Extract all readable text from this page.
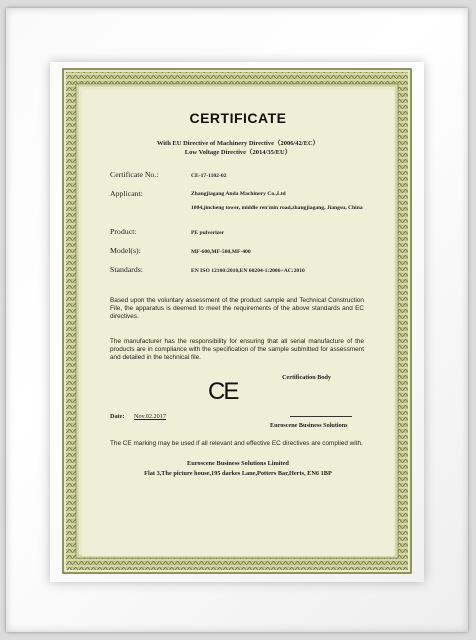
CERTIFICATE
With EU Directive of Machinery Directive（2006/42/EC）
Low Voltage Directive（2014/35/EU）
Certificate No.:	CE-17-1102-02
Applicant:	Zhangjiagang Anda Machinery Co.,Ltd
1004,jincheng tower, middle ren'min road,zhangjiagang, Jiangsu, China
Product:	PE pulverizer
Model(s):	MF-600,MF-500,MF-400
Standards:	EN ISO 12100:2010,EN 60204-1:2006+AC:2010
Based upon the voluntary assessment of the product sample and Technical Construction File, the apparatus is deemed to meet the requirements of the above standards and EC directives.
The manufacturer has the responsibility for ensuring that all serial manufacture of the products are in compliance with the specification of the sample submitted for assessment and detailed in the technical file.
Certification Body
CE
Date: Nov.02.2017
Euroscene Business Solutions
The CE marking may be used if all relevant and effective EC directives are complied with.
Euroscene Business Solutions Limited
Flat 3,The picture house,195 darkes Lane,Potters Bar,Herts, EN6 1BP
